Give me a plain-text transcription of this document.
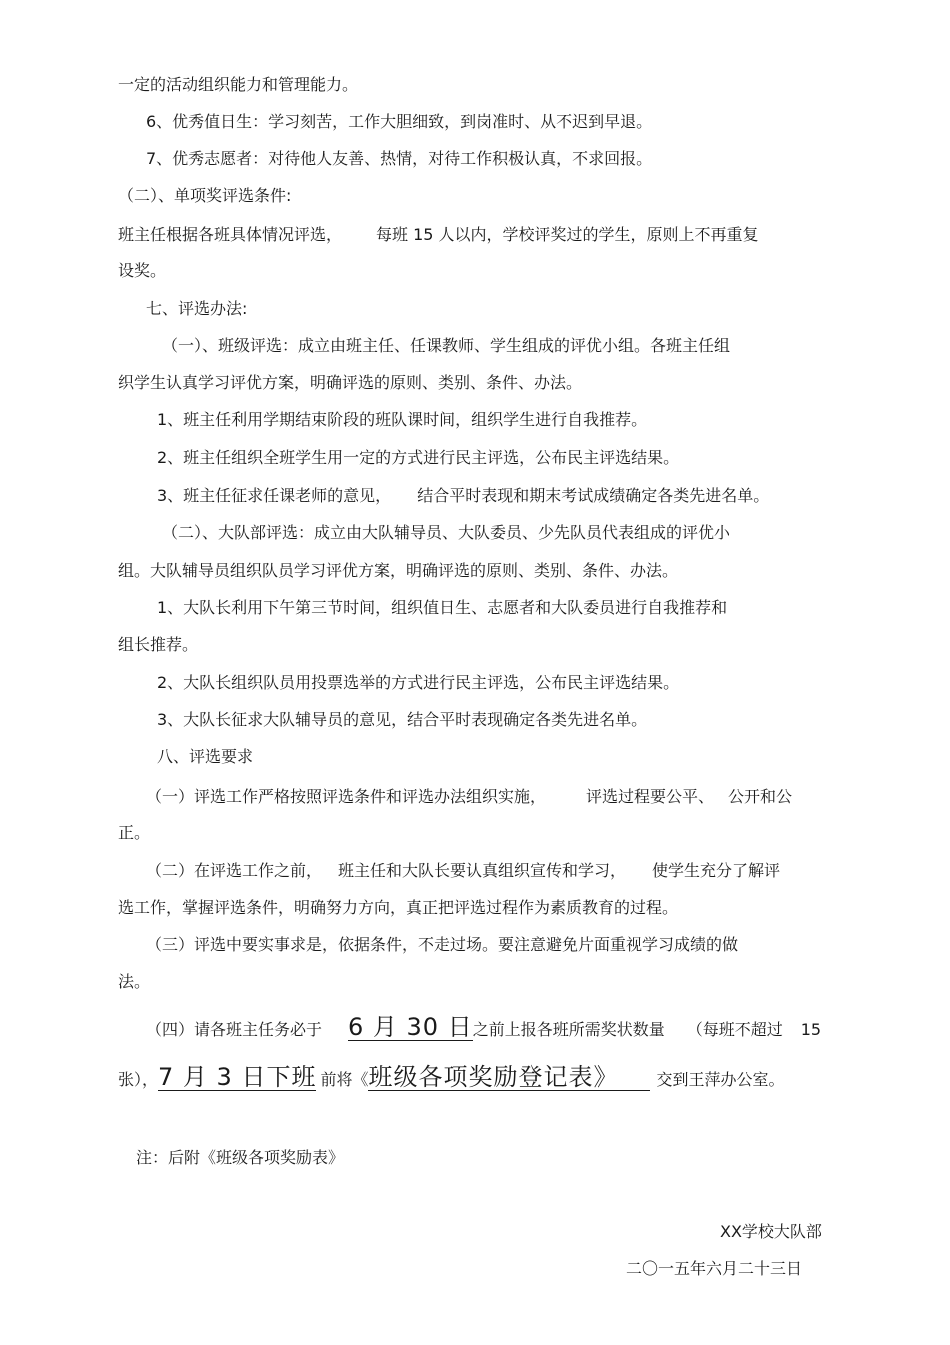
一定的活动组织能力和管理能力。
6、优秀值日生：学习刻苦，工作大胆细致，到岗准时、从不迟到早退。
7、优秀志愿者：对待他人友善、热情，对待工作积极认真，不求回报。
（二）、单项奖评选条件:
班主任根据各班具体情况评选， 每班 15 人以内，学校评奖过的学生，原则上不再重复
设奖。
七、评选办法:
（一）、班级评选：成立由班主任、任课教师、学生组成的评优小组。各班主任组
织学生认真学习评优方案，明确评选的原则、类别、条件、办法。
1、班主任利用学期结束阶段的班队课时间，组织学生进行自我推荐。
2、班主任组织全班学生用一定的方式进行民主评选，公布民主评选结果。
3、班主任征求任课老师的意见， 结合平时表现和期末考试成绩确定各类先进名单。
（二）、大队部评选：成立由大队辅导员、大队委员、少先队员代表组成的评优小
组。大队辅导员组织队员学习评优方案，明确评选的原则、类别、条件、办法。
1、大队长利用下午第三节时间，组织值日生、志愿者和大队委员进行自我推荐和
组长推荐。
2、大队长组织队员用投票选举的方式进行民主评选，公布民主评选结果。
3、大队长征求大队辅导员的意见，结合平时表现确定各类先进名单。
八、评选要求
（一）评选工作严格按照评选条件和评选办法组织实施，	评选过程要公平、 公开和公
正。
（二）在评选工作之前， 班主任和大队长要认真组织宣传和学习， 使学生充分了解评
选工作，掌握评选条件，明确努力方向，真正把评选过程作为素质教育的过程。
（三）评选中要实事求是，依据条件，不走过场。要注意避免片面重视学习成绩的做
法。
（四）请各班主任务必于 6 月 30 日之前上报各班所需奖状数量 （每班不超过 15
张），7 月 3 日下班 前将《班级各项奖励登记表》 交到王萍办公室。
注：后附《班级各项奖励表》
XX学校大队部
二〇一五年六月二十三日
